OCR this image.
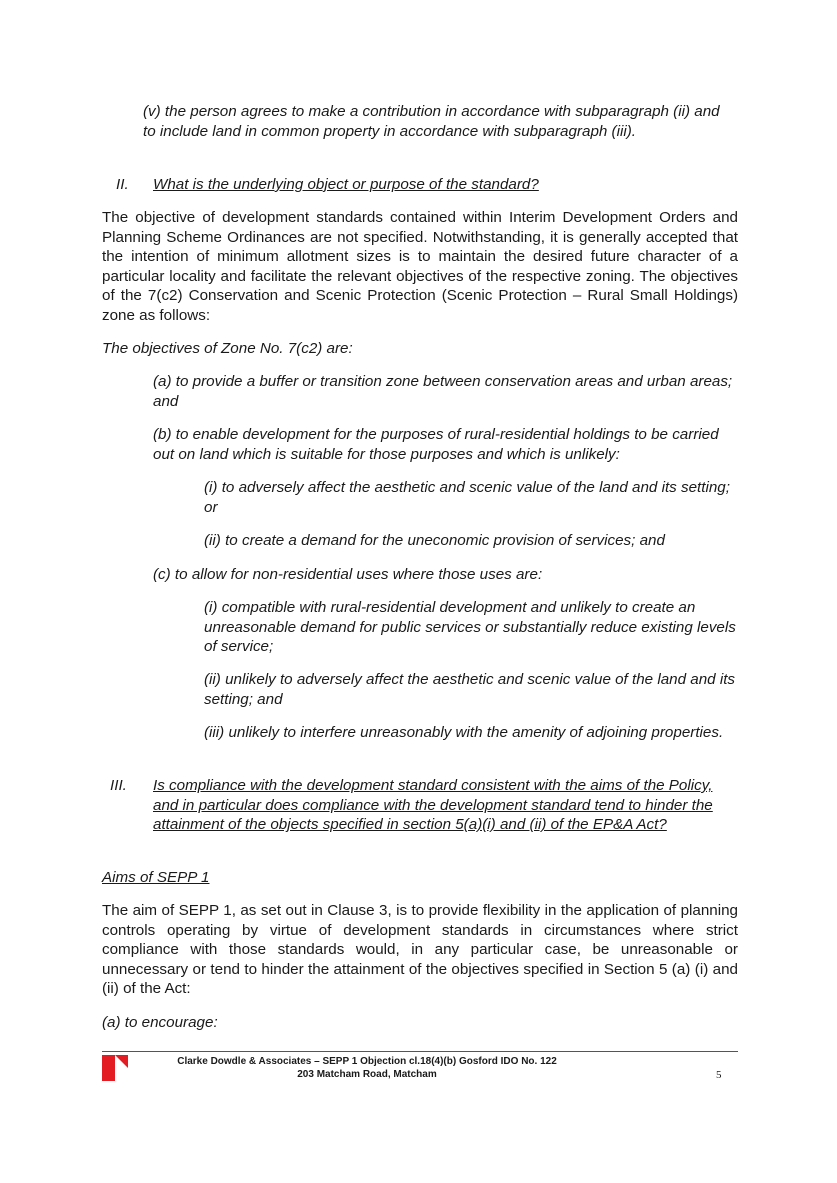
(v) the person agrees to make a contribution in accordance with subparagraph (ii) and to include land in common property in accordance with subparagraph (iii).

II. What is the underlying object or purpose of the standard?

The objective of development standards contained within Interim Development Orders and Planning Scheme Ordinances are not specified. Notwithstanding, it is generally accepted that the intention of minimum allotment sizes is to maintain the desired future character of a particular locality and facilitate the relevant objectives of the respective zoning. The objectives of the 7(c2) Conservation and Scenic Protection (Scenic Protection – Rural Small Holdings) zone as follows:

The objectives of Zone No. 7(c2) are:

(a) to provide a buffer or transition zone between conservation areas and urban areas; and

(b) to enable development for the purposes of rural-residential holdings to be carried out on land which is suitable for those purposes and which is unlikely:

(i) to adversely affect the aesthetic and scenic value of the land and its setting; or

(ii) to create a demand for the uneconomic provision of services; and

(c) to allow for non-residential uses where those uses are:

(i) compatible with rural-residential development and unlikely to create an unreasonable demand for public services or substantially reduce existing levels of service;

(ii) unlikely to adversely affect the aesthetic and scenic value of the land and its setting; and

(iii) unlikely to interfere unreasonably with the amenity of adjoining properties.

III. Is compliance with the development standard consistent with the aims of the Policy, and in particular does compliance with the development standard tend to hinder the attainment of the objects specified in section 5(a)(i) and (ii) of the EP&A Act?

Aims of SEPP 1

The aim of SEPP 1, as set out in Clause 3, is to provide flexibility in the application of planning controls operating by virtue of development standards in circumstances where strict compliance with those standards would, in any particular case, be unreasonable or unnecessary or tend to hinder the attainment of the objectives specified in Section 5 (a) (i) and (ii) of the Act:

(a) to encourage:

Clarke Dowdle & Associates – SEPP 1 Objection cl.18(4)(b) Gosford IDO No. 122
203 Matcham Road, Matcham	5
